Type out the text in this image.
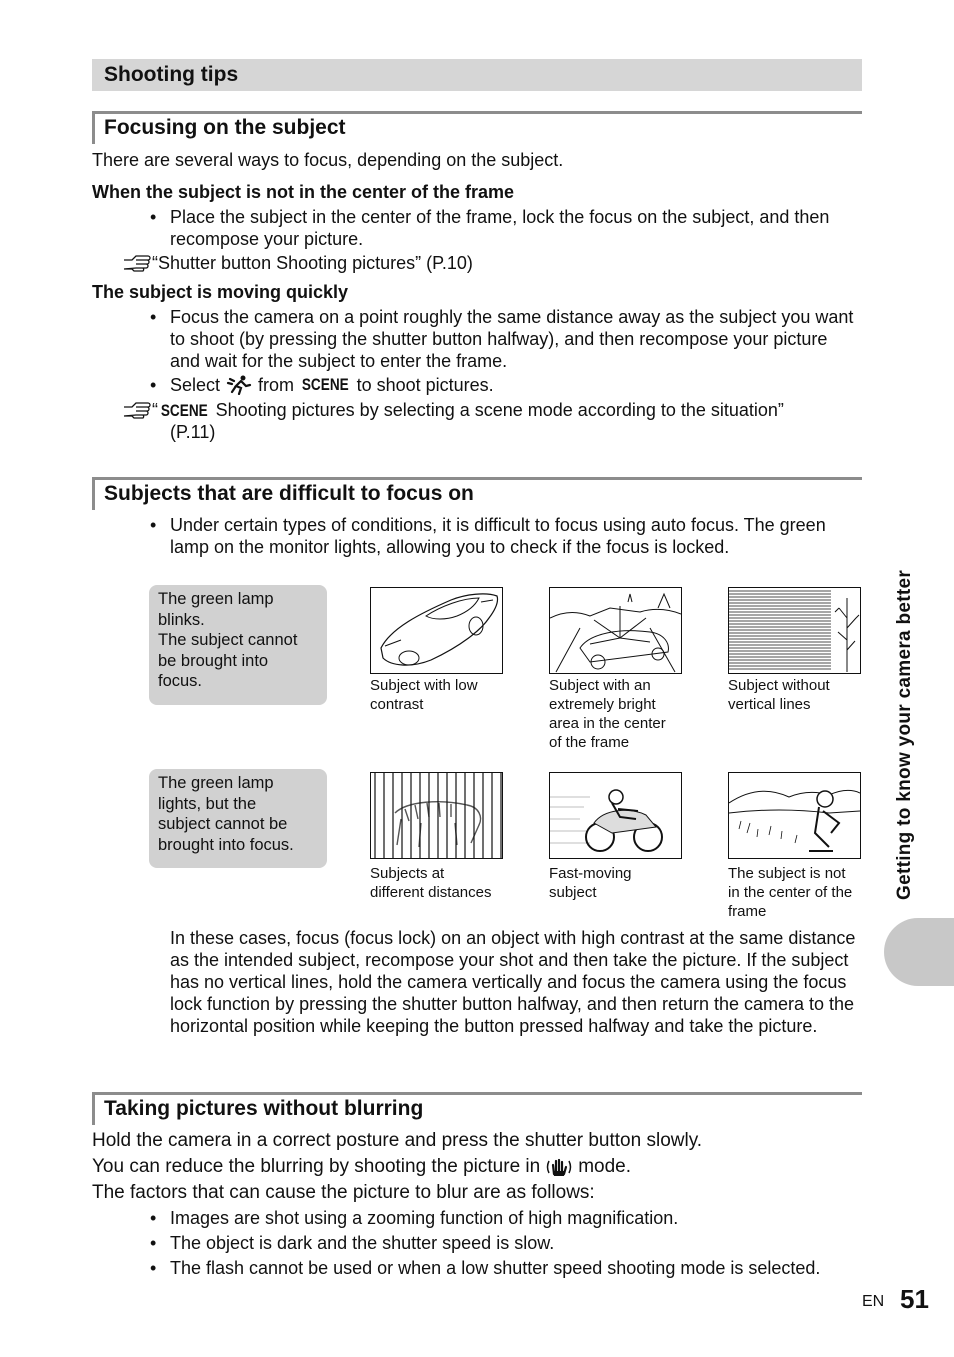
Shooting tips
Focusing on the subject
There are several ways to focus, depending on the subject.
When the subject is not in the center of the frame
• Place the subject in the center of the frame, lock the focus on the subject, and then recompose your picture.
“Shutter button Shooting pictures” (P.10)
The subject is moving quickly
• Focus the camera on a point roughly the same distance away as the subject you want to shoot (by pressing the shutter button halfway), and then recompose your picture and wait for the subject to enter the frame.
• Select from SCENE to shoot pictures.
“ SCENE Shooting pictures by selecting a scene mode according to the situation”
(P.11)
Subjects that are difficult to focus on
• Under certain types of conditions, it is difficult to focus using auto focus. The green lamp on the monitor lights, allowing you to check if the focus is locked.
The green lamp
blinks.
The subject cannot
be brought into
focus.
The green lamp
lights, but the
subject cannot be
brought into focus.
Subject with low
contrast
Subject with an
extremely bright
area in the center
of the frame
Subject without
vertical lines
Subjects at
different distances
Fast-moving
subject
The subject is not
in the center of the
frame
In these cases, focus (focus lock) on an object with high contrast at the same distance as the intended subject, recompose your shot and then take the picture. If the subject has no vertical lines, hold the camera vertically and focus the camera using the focus lock function by pressing the shutter button halfway, and then return the camera to the horizontal position while keeping the button pressed halfway and take the picture.
Taking pictures without blurring
Hold the camera in a correct posture and press the shutter button slowly.
You can reduce the blurring by shooting the picture in mode.
The factors that can cause the picture to blur are as follows:
• Images are shot using a zooming function of high magnification.
• The object is dark and the shutter speed is slow.
• The flash cannot be used or when a low shutter speed shooting mode is selected.
Getting to know your camera better
EN 51
